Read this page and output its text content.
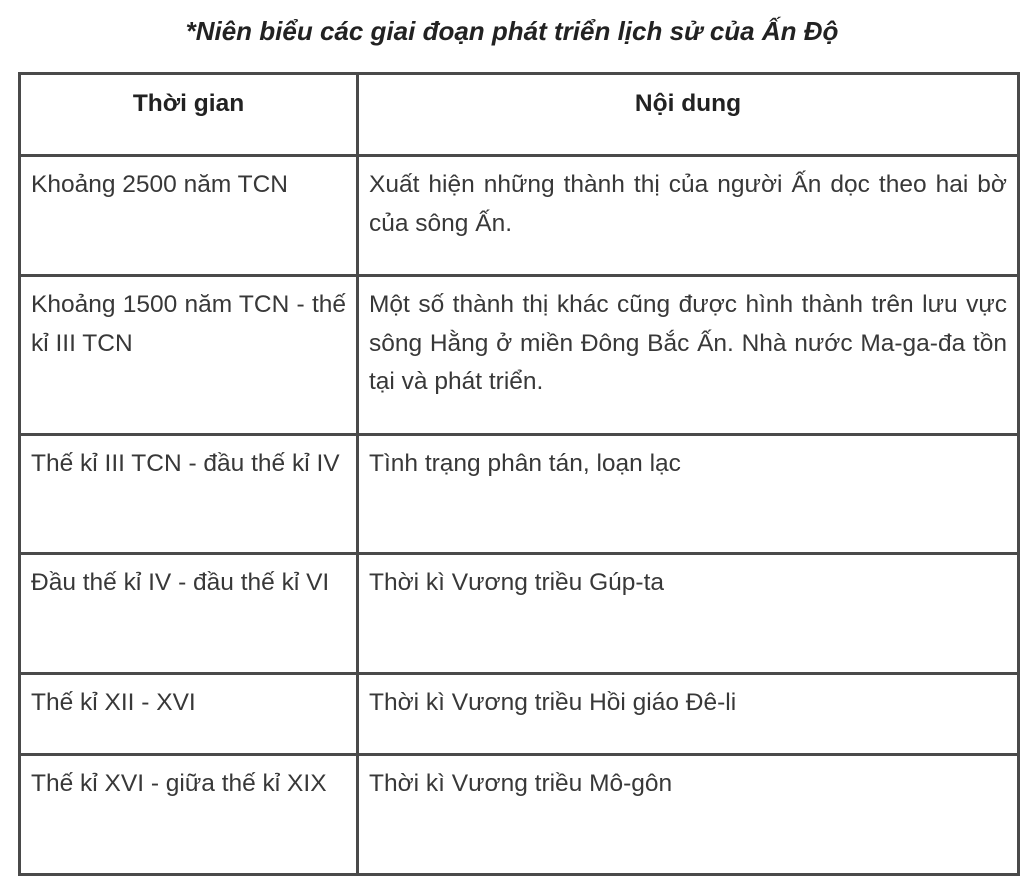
*Niên biểu các giai đoạn phát triển lịch sử của Ấn Độ
Thời gian	Nội dung
Khoảng 2500 năm TCN	Xuất hiện những thành thị của người Ấn dọc theo hai bờ của sông Ấn.
Khoảng 1500 năm TCN - thế kỉ III TCN	Một số thành thị khác cũng được hình thành trên lưu vực sông Hằng ở miền Đông Bắc Ấn. Nhà nước Ma-ga-đa tồn tại và phát triển.
Thế kỉ III TCN - đầu thế kỉ IV	Tình trạng phân tán, loạn lạc
Đầu thế kỉ IV - đầu thế kỉ VI	Thời kì Vương triều Gúp-ta
Thế kỉ XII - XVI	Thời kì Vương triều Hồi giáo Đê-li
Thế kỉ XVI - giữa thế kỉ XIX	Thời kì Vương triều Mô-gôn
